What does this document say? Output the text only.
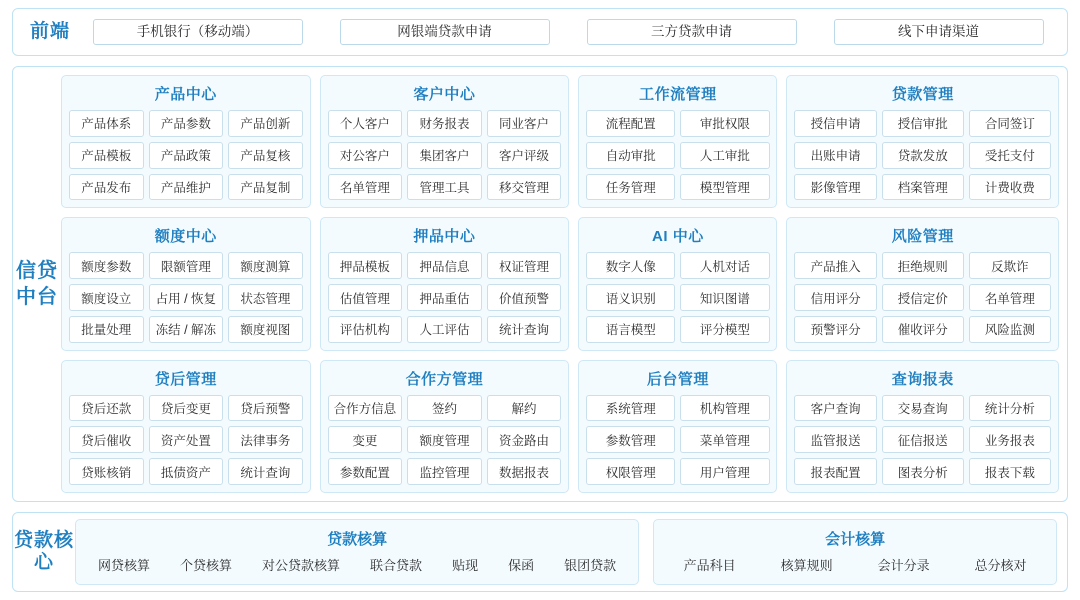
前端	手机银行（移动端）	网银端贷款申请	三方贷款申请	线下申请渠道
信贷中台
产品中心
产品体系	产品参数	产品创新
产品模板	产品政策	产品复核
产品发布	产品维护	产品复制
客户中心
个人客户	财务报表	同业客户
对公客户	集团客户	客户评级
名单管理	管理工具	移交管理
工作流管理
流程配置	审批权限
自动审批	人工审批
任务管理	模型管理
贷款管理
授信申请	授信审批	合同签订
出账申请	贷款发放	受托支付
影像管理	档案管理	计费收费
额度中心
额度参数	限额管理	额度测算
额度设立	占用 / 恢复	状态管理
批量处理	冻结 / 解冻	额度视图
押品中心
押品模板	押品信息	权证管理
估值管理	押品重估	价值预警
评估机构	人工评估	统计查询
AI 中心
数字人像	人机对话
语义识别	知识图谱
语言模型	评分模型
风险管理
产品推入	拒绝规则	反欺诈
信用评分	授信定价	名单管理
预警评分	催收评分	风险监测
贷后管理
贷后还款	贷后变更	贷后预警
贷后催收	资产处置	法律事务
贷账核销	抵债资产	统计查询
合作方管理
合作方信息	签约	解约
变更	额度管理	资金路由
参数配置	监控管理	数据报表
后台管理
系统管理	机构管理
参数管理	菜单管理
权限管理	用户管理
查询报表
客户查询	交易查询	统计分析
监管报送	征信报送	业务报表
报表配置	图表分析	报表下载
贷款核心
贷款核算
网贷核算 个贷核算 对公贷款核算 联合贷款 贴现 保函 银团贷款
会计核算
产品科目	核算规则	会计分录	总分核对
